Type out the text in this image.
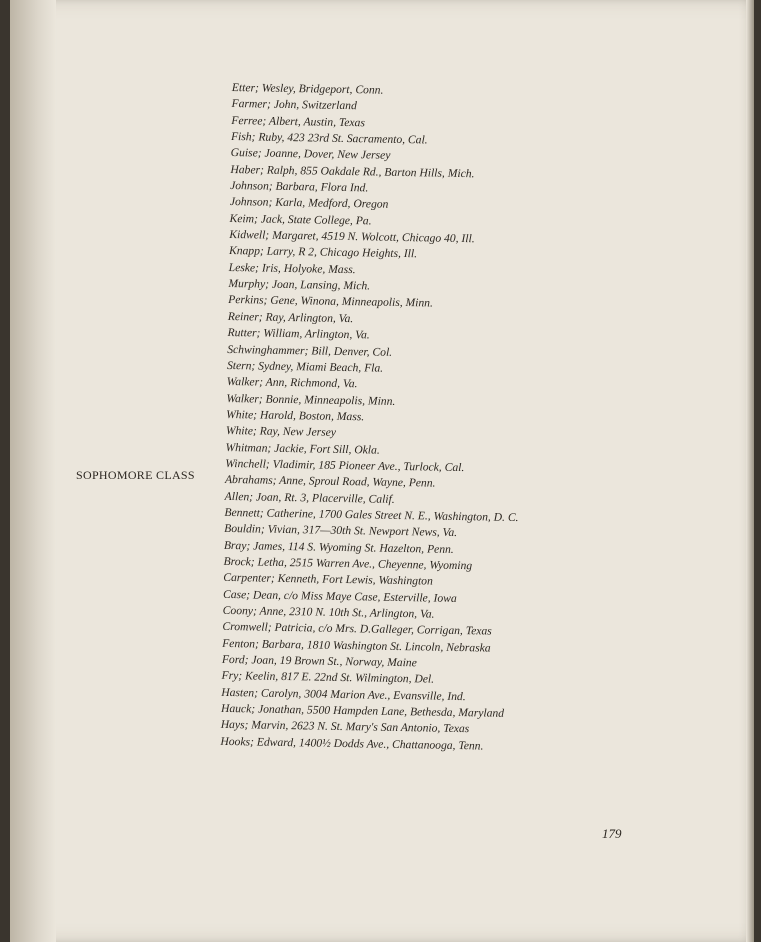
SOPHOMORE CLASS
Etter; Wesley, Bridgeport, Conn.
Farmer; John, Switzerland
Ferree; Albert, Austin, Texas
Fish; Ruby, 423 23rd St. Sacramento, Cal.
Guise; Joanne, Dover, New Jersey
Haber; Ralph, 855 Oakdale Rd., Barton Hills, Mich.
Johnson; Barbara, Flora Ind.
Johnson; Karla, Medford, Oregon
Keim; Jack, State College, Pa.
Kidwell; Margaret, 4519 N. Wolcott, Chicago 40, Ill.
Knapp; Larry, R 2, Chicago Heights, Ill.
Leske; Iris, Holyoke, Mass.
Murphy; Joan, Lansing, Mich.
Perkins; Gene, Winona, Minneapolis, Minn.
Reiner; Ray, Arlington, Va.
Rutter; William, Arlington, Va.
Schwinghammer; Bill, Denver, Col.
Stern; Sydney, Miami Beach, Fla.
Walker; Ann, Richmond, Va.
Walker; Bonnie, Minneapolis, Minn.
White; Harold, Boston, Mass.
White; Ray, New Jersey
Whitman; Jackie, Fort Sill, Okla.
Winchell; Vladimir, 185 Pioneer Ave., Turlock, Cal.
Abrahams; Anne, Sproul Road, Wayne, Penn.
Allen; Joan, Rt. 3, Placerville, Calif.
Bennett; Catherine, 1700 Gales Street N. E., Washington, D. C.
Bouldin; Vivian, 317—30th St. Newport News, Va.
Bray; James, 114 S. Wyoming St. Hazelton, Penn.
Brock; Letha, 2515 Warren Ave., Cheyenne, Wyoming
Carpenter; Kenneth, Fort Lewis, Washington
Case; Dean, c/o Miss Maye Case, Esterville, Iowa
Coony; Anne, 2310 N. 10th St., Arlington, Va.
Cromwell; Patricia, c/o Mrs. D.Galleger, Corrigan, Texas
Fenton; Barbara, 1810 Washington St. Lincoln, Nebraska
Ford; Joan, 19 Brown St., Norway, Maine
Fry; Keelin, 817 E. 22nd St. Wilmington, Del.
Hasten; Carolyn, 3004 Marion Ave., Evansville, Ind.
Hauck; Jonathan, 5500 Hampden Lane, Bethesda, Maryland
Hays; Marvin, 2623 N. St. Mary's San Antonio, Texas
Hooks; Edward, 1400½ Dodds Ave., Chattanooga, Tenn.
179
